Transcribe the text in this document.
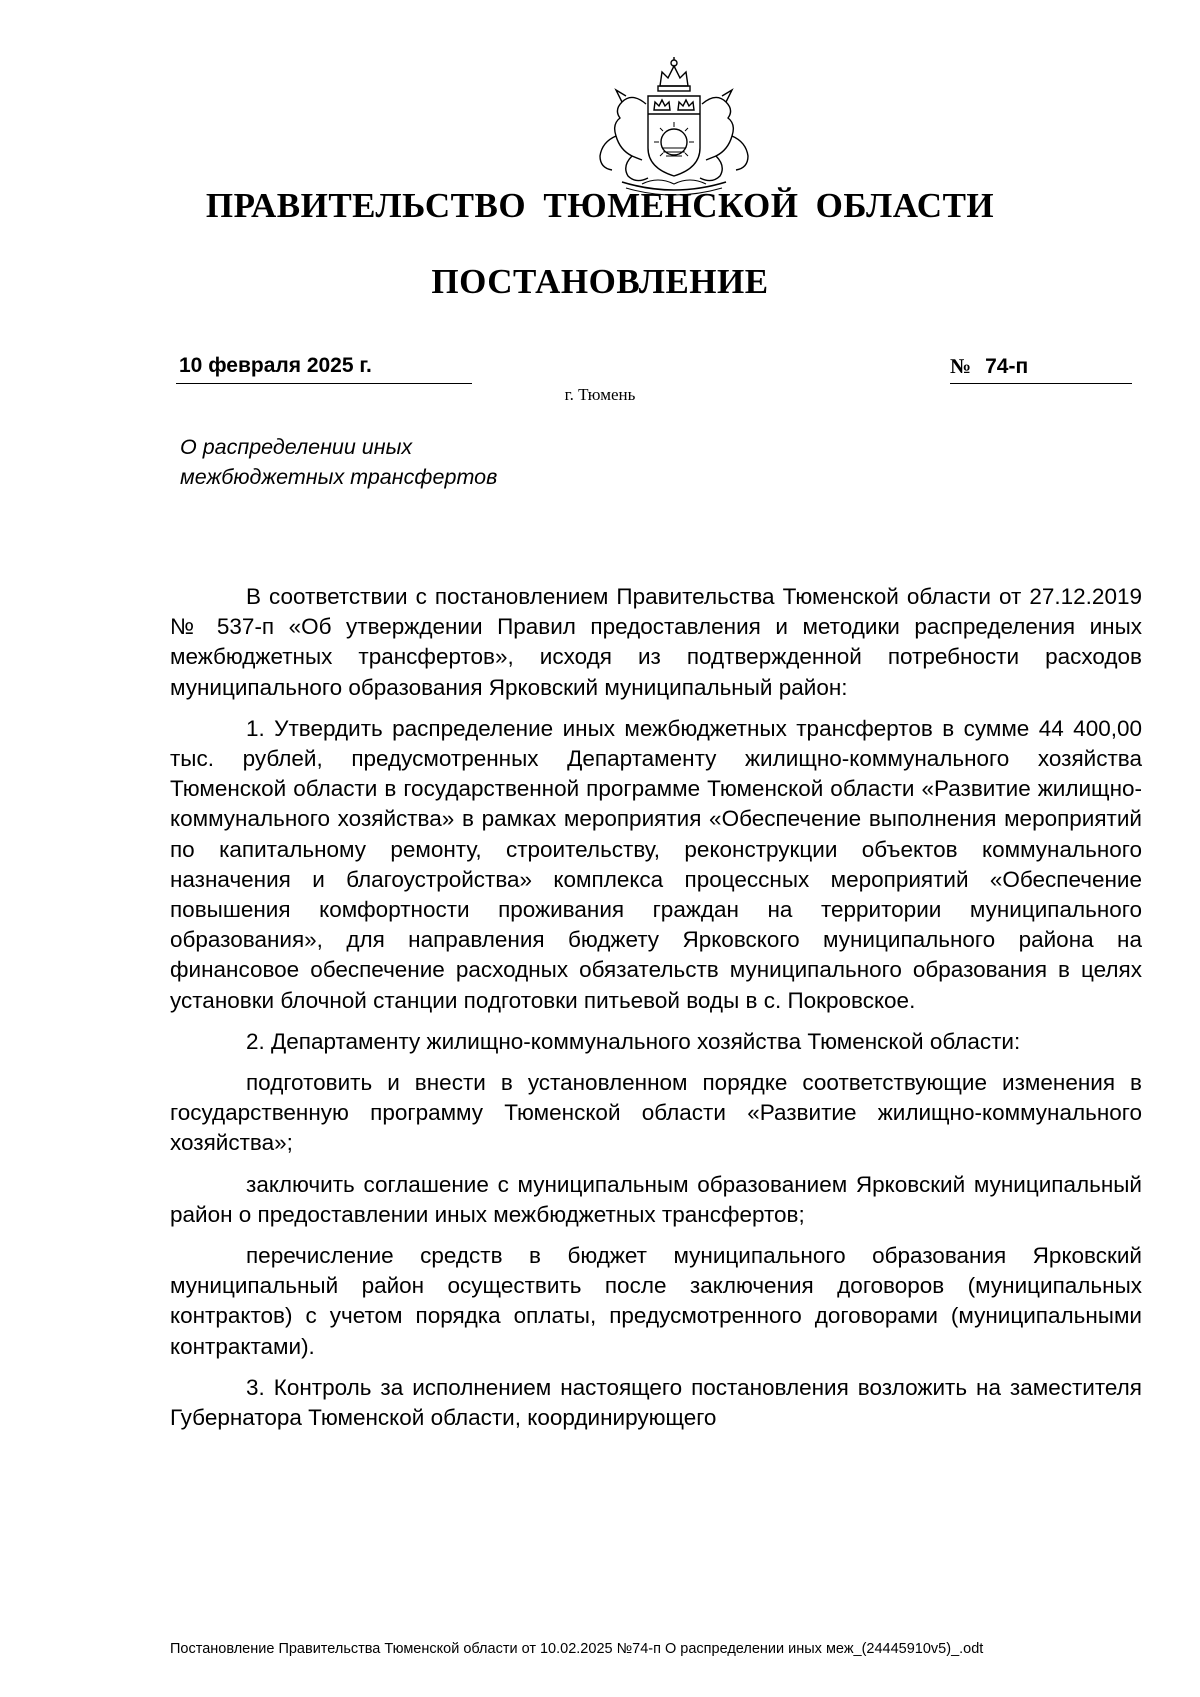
ПРАВИТЕЛЬСТВО ТЮМЕНСКОЙ ОБЛАСТИ
ПОСТАНОВЛЕНИЕ
10 февраля 2025 г.	№ 74-п
г. Тюмень
О распределении иных
межбюджетных трансфертов

В соответствии с постановлением Правительства Тюменской области от 27.12.2019 № 537-п «Об утверждении Правил предоставления и методики распределения иных межбюджетных трансфертов», исходя из подтвержденной потребности расходов муниципального образования Ярковский муниципальный район:

1. Утвердить распределение иных межбюджетных трансфертов в сумме 44 400,00 тыс. рублей, предусмотренных Департаменту жилищно-коммунального хозяйства Тюменской области в государственной программе Тюменской области «Развитие жилищно-коммунального хозяйства» в рамках мероприятия «Обеспечение выполнения мероприятий по капитальному ремонту, строительству, реконструкции объектов коммунального назначения и благоустройства» комплекса процессных мероприятий «Обеспечение повышения комфортности проживания граждан на территории муниципального образования», для направления бюджету Ярковского муниципального района на финансовое обеспечение расходных обязательств муниципального образования в целях установки блочной станции подготовки питьевой воды в с. Покровское.

2. Департаменту жилищно-коммунального хозяйства Тюменской области:

подготовить и внести в установленном порядке соответствующие изменения в государственную программу Тюменской области «Развитие жилищно-коммунального хозяйства»;

заключить соглашение с муниципальным образованием Ярковский муниципальный район о предоставлении иных межбюджетных трансфертов;

перечисление средств в бюджет муниципального образования Ярковский муниципальный район осуществить после заключения договоров (муниципальных контрактов) с учетом порядка оплаты, предусмотренного договорами (муниципальными контрактами).

3. Контроль за исполнением настоящего постановления возложить на заместителя Губернатора Тюменской области, координирующего

Постановление Правительства Тюменской области от 10.02.2025 №74-п О распределении иных меж_(24445910v5)_.odt
